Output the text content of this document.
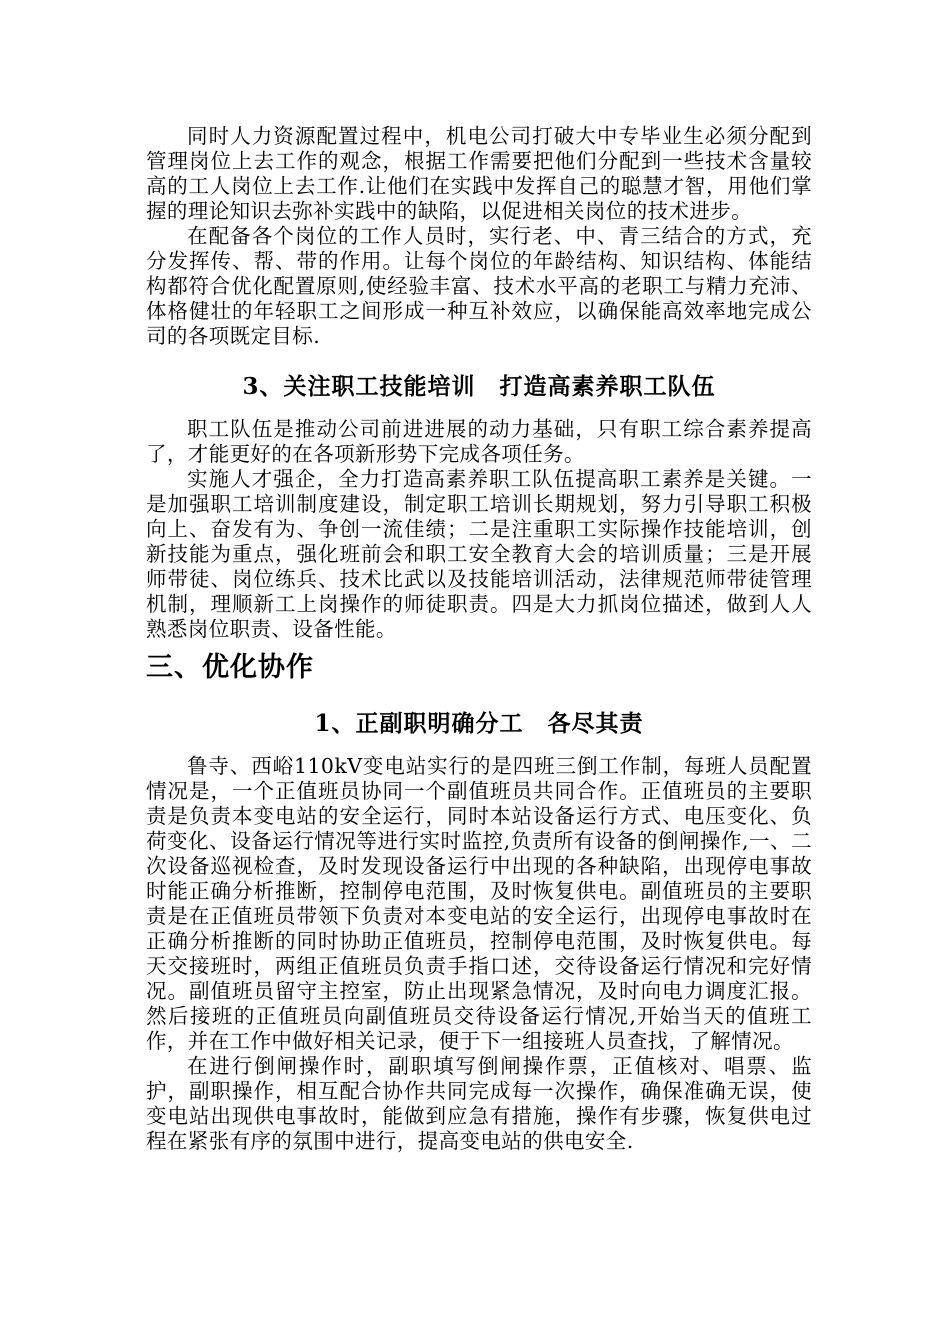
同时人力资源配置过程中，机电公司打破大中专毕业生必须分配到管理岗位上去工作的观念，根据工作需要把他们分配到一些技术含量较高的工人岗位上去工作.让他们在实践中发挥自己的聪慧才智，用他们掌握的理论知识去弥补实践中的缺陷，以促进相关岗位的技术进步。

在配备各个岗位的工作人员时，实行老、中、青三结合的方式，充分发挥传、帮、带的作用。让每个岗位的年龄结构、知识结构、体能结构都符合优化配置原则,使经验丰富、技术水平高的老职工与精力充沛、体格健壮的年轻职工之间形成一种互补效应，以确保能高效率地完成公司的各项既定目标.

3、关注职工技能培训　打造高素养职工队伍

职工队伍是推动公司前进进展的动力基础，只有职工综合素养提高了，才能更好的在各项新形势下完成各项任务。

实施人才强企，全力打造高素养职工队伍提高职工素养是关键。一是加强职工培训制度建设，制定职工培训长期规划，努力引导职工积极向上、奋发有为、争创一流佳绩；二是注重职工实际操作技能培训，创新技能为重点，强化班前会和职工安全教育大会的培训质量；三是开展师带徒、岗位练兵、技术比武以及技能培训活动，法律规范师带徒管理机制，理顺新工上岗操作的师徒职责。四是大力抓岗位描述，做到人人熟悉岗位职责、设备性能。

三、优化协作
1、正副职明确分工　各尽其责

鲁寺、西峪110kV变电站实行的是四班三倒工作制，每班人员配置情况是，一个正值班员协同一个副值班员共同合作。正值班员的主要职责是负责本变电站的安全运行，同时本站设备运行方式、电压变化、负荷变化、设备运行情况等进行实时监控,负责所有设备的倒闸操作,一、二次设备巡视检查，及时发现设备运行中出现的各种缺陷，出现停电事故时能正确分析推断，控制停电范围，及时恢复供电。副值班员的主要职责是在正值班员带领下负责对本变电站的安全运行，出现停电事故时在正确分析推断的同时协助正值班员，控制停电范围，及时恢复供电。每天交接班时，两组正值班员负责手指口述，交待设备运行情况和完好情况。副值班员留守主控室，防止出现紧急情况，及时向电力调度汇报。然后接班的正值班员向副值班员交待设备运行情况,开始当天的值班工作，并在工作中做好相关记录，便于下一组接班人员查找，了解情况。

在进行倒闸操作时，副职填写倒闸操作票，正值核对、唱票、监护，副职操作，相互配合协作共同完成每一次操作，确保准确无误，使变电站出现供电事故时，能做到应急有措施，操作有步骤，恢复供电过程在紧张有序的氛围中进行，提高变电站的供电安全.
